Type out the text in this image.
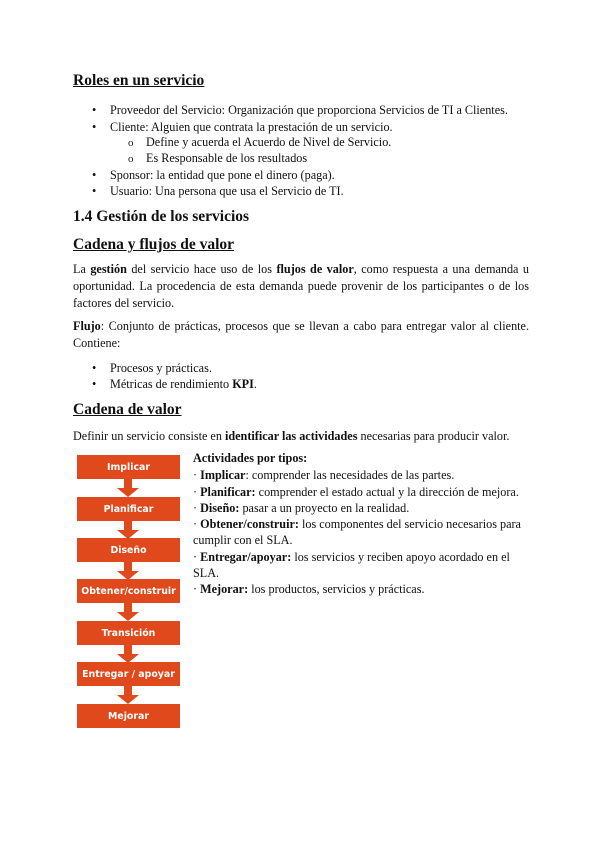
Roles en un servicio
• Proveedor del Servicio: Organización que proporciona Servicios de TI a Clientes.
• Cliente: Alguien que contrata la prestación de un servicio.
o Define y acuerda el Acuerdo de Nivel de Servicio.
o Es Responsable de los resultados
• Sponsor: la entidad que pone el dinero (paga).
• Usuario: Una persona que usa el Servicio de TI.
1.4 Gestión de los servicios
Cadena y flujos de valor
La gestión del servicio hace uso de los flujos de valor, como respuesta a una demanda u oportunidad. La procedencia de esta demanda puede provenir de los participantes o de los factores del servicio.
Flujo: Conjunto de prácticas, procesos que se llevan a cabo para entregar valor al cliente. Contiene:
• Procesos y prácticas.
• Métricas de rendimiento KPI.
Cadena de valor
Definir un servicio consiste en identificar las actividades necesarias para producir valor.
Implicar
Planificar
Diseño
Obtener/construir
Transición
Entregar / apoyar
Mejorar
Actividades por tipos:
· Implicar: comprender las necesidades de las partes.
· Planificar: comprender el estado actual y la dirección de mejora.
· Diseño: pasar a un proyecto en la realidad.
· Obtener/construir: los componentes del servicio necesarios para
cumplir con el SLA.
· Entregar/apoyar: los servicios y reciben apoyo acordado en el
SLA.
· Mejorar: los productos, servicios y prácticas.
